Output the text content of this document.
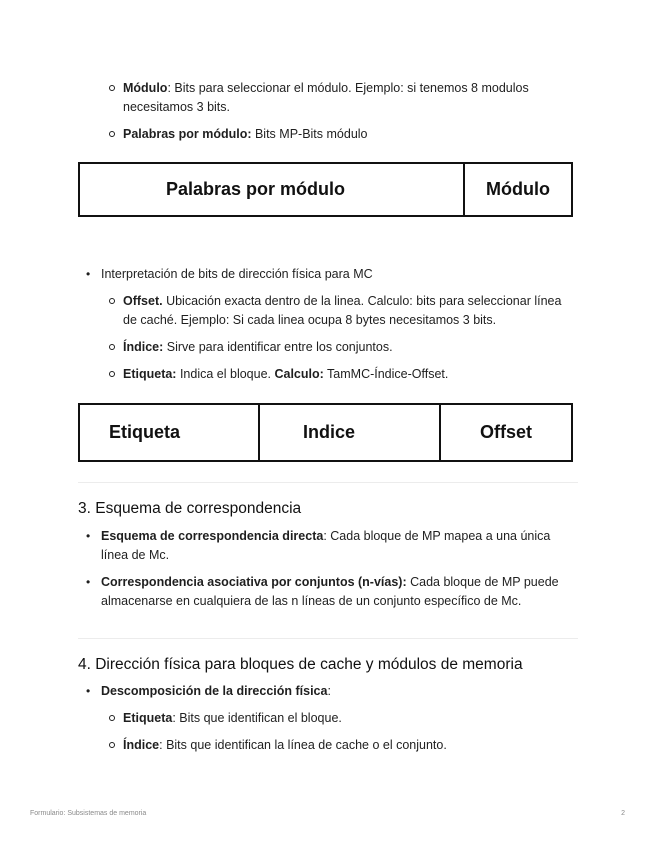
Módulo: Bits para seleccionar el módulo. Ejemplo: si tenemos 8 modulos necesitamos 3 bits.
Palabras por módulo: Bits MP-Bits módulo
Palabras por módulo	Módulo
• Interpretación de bits de dirección física para MC
Offset. Ubicación exacta dentro de la linea. Calculo: bits para seleccionar línea de caché. Ejemplo: Si cada linea ocupa 8 bytes necesitamos 3 bits.
Índice: Sirve para identificar entre los conjuntos.
Etiqueta: Indica el bloque. Calculo: TamMC-Índice-Offset.
Etiqueta	Indice	Offset
3. Esquema de correspondencia
• Esquema de correspondencia directa: Cada bloque de MP mapea a una única línea de Mc.
• Correspondencia asociativa por conjuntos (n-vías): Cada bloque de MP puede almacenarse en cualquiera de las n líneas de un conjunto específico de Mc.
4. Dirección física para bloques de cache y módulos de memoria
• Descomposición de la dirección física:
Etiqueta: Bits que identifican el bloque.
Índice: Bits que identifican la línea de cache o el conjunto.
Formulario: Subsistemas de memoria	2
